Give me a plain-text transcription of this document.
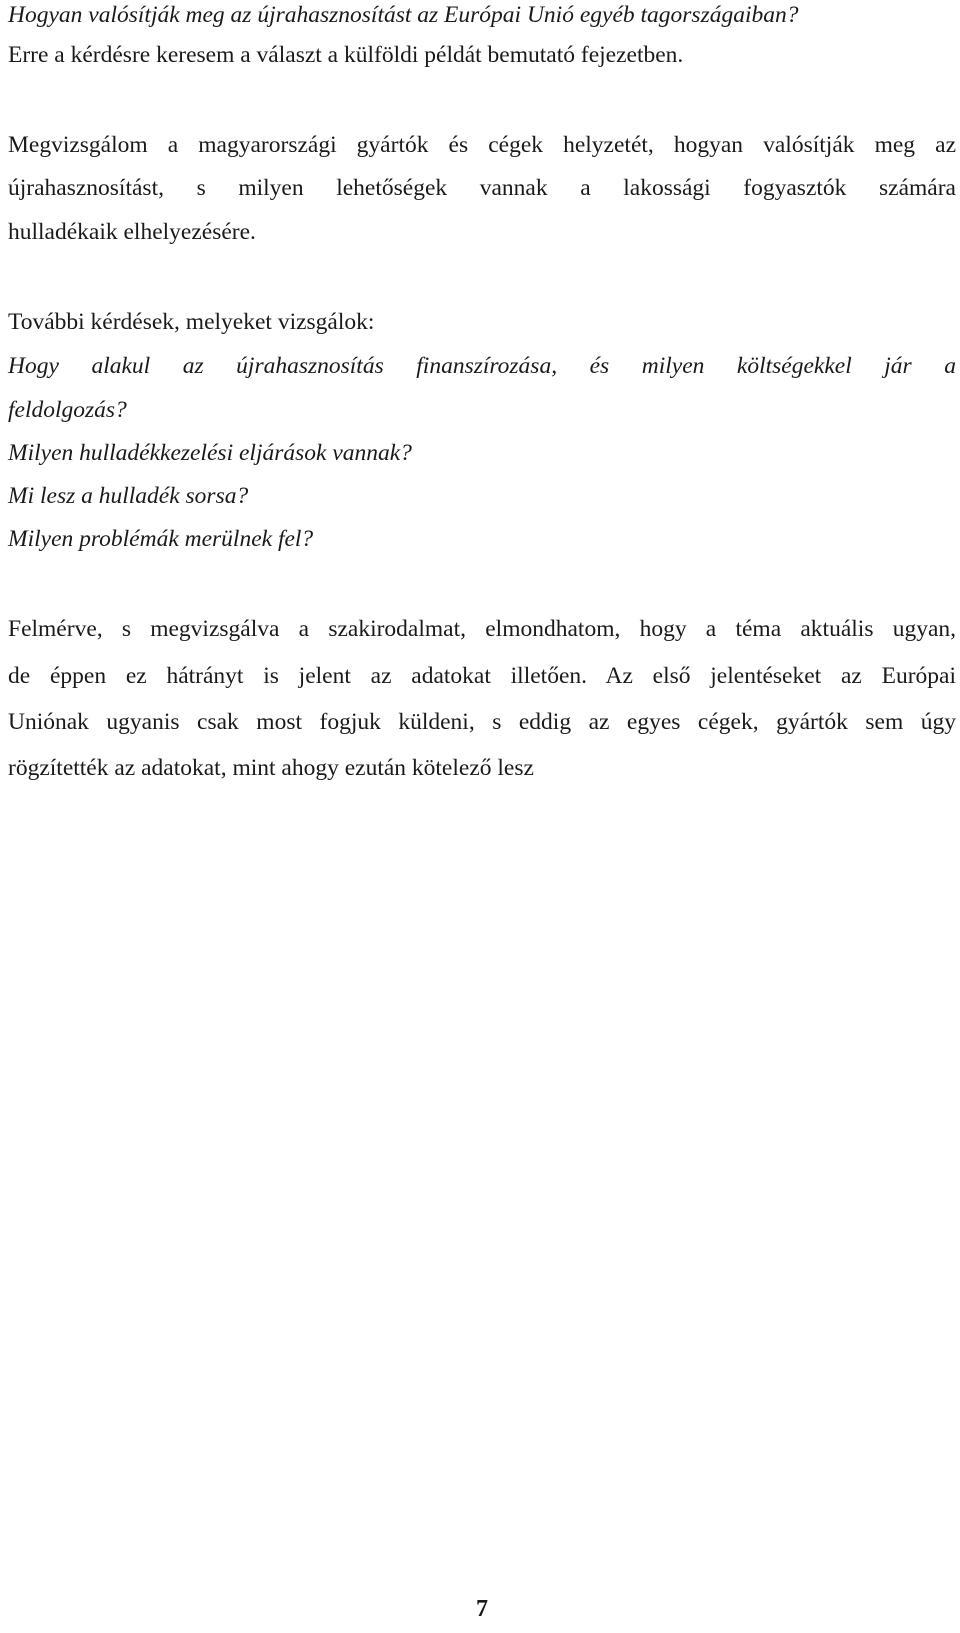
Hogyan valósítják meg az újrahasznosítást az Európai Unió egyéb tagországaiban?
Erre a kérdésre keresem a választ a külföldi példát bemutató fejezetben.
Megvizsgálom a magyarországi gyártók és cégek helyzetét, hogyan valósítják meg az
újrahasznosítást, s milyen lehetőségek vannak a lakossági fogyasztók számára
hulladékaik elhelyezésére.
További kérdések, melyeket vizsgálok:
Hogy alakul az újrahasznosítás finanszírozása, és milyen költségekkel jár a
feldolgozás?
Milyen hulladékkezelési eljárások vannak?
Mi lesz a hulladék sorsa?
Milyen problémák merülnek fel?
Felmérve, s megvizsgálva a szakirodalmat, elmondhatom, hogy a téma aktuális ugyan,
de éppen ez hátrányt is jelent az adatokat illetően. Az első jelentéseket az Európai
Uniónak ugyanis csak most fogjuk küldeni, s eddig az egyes cégek, gyártók sem úgy
rögzítették az adatokat, mint ahogy ezután kötelező lesz
7
